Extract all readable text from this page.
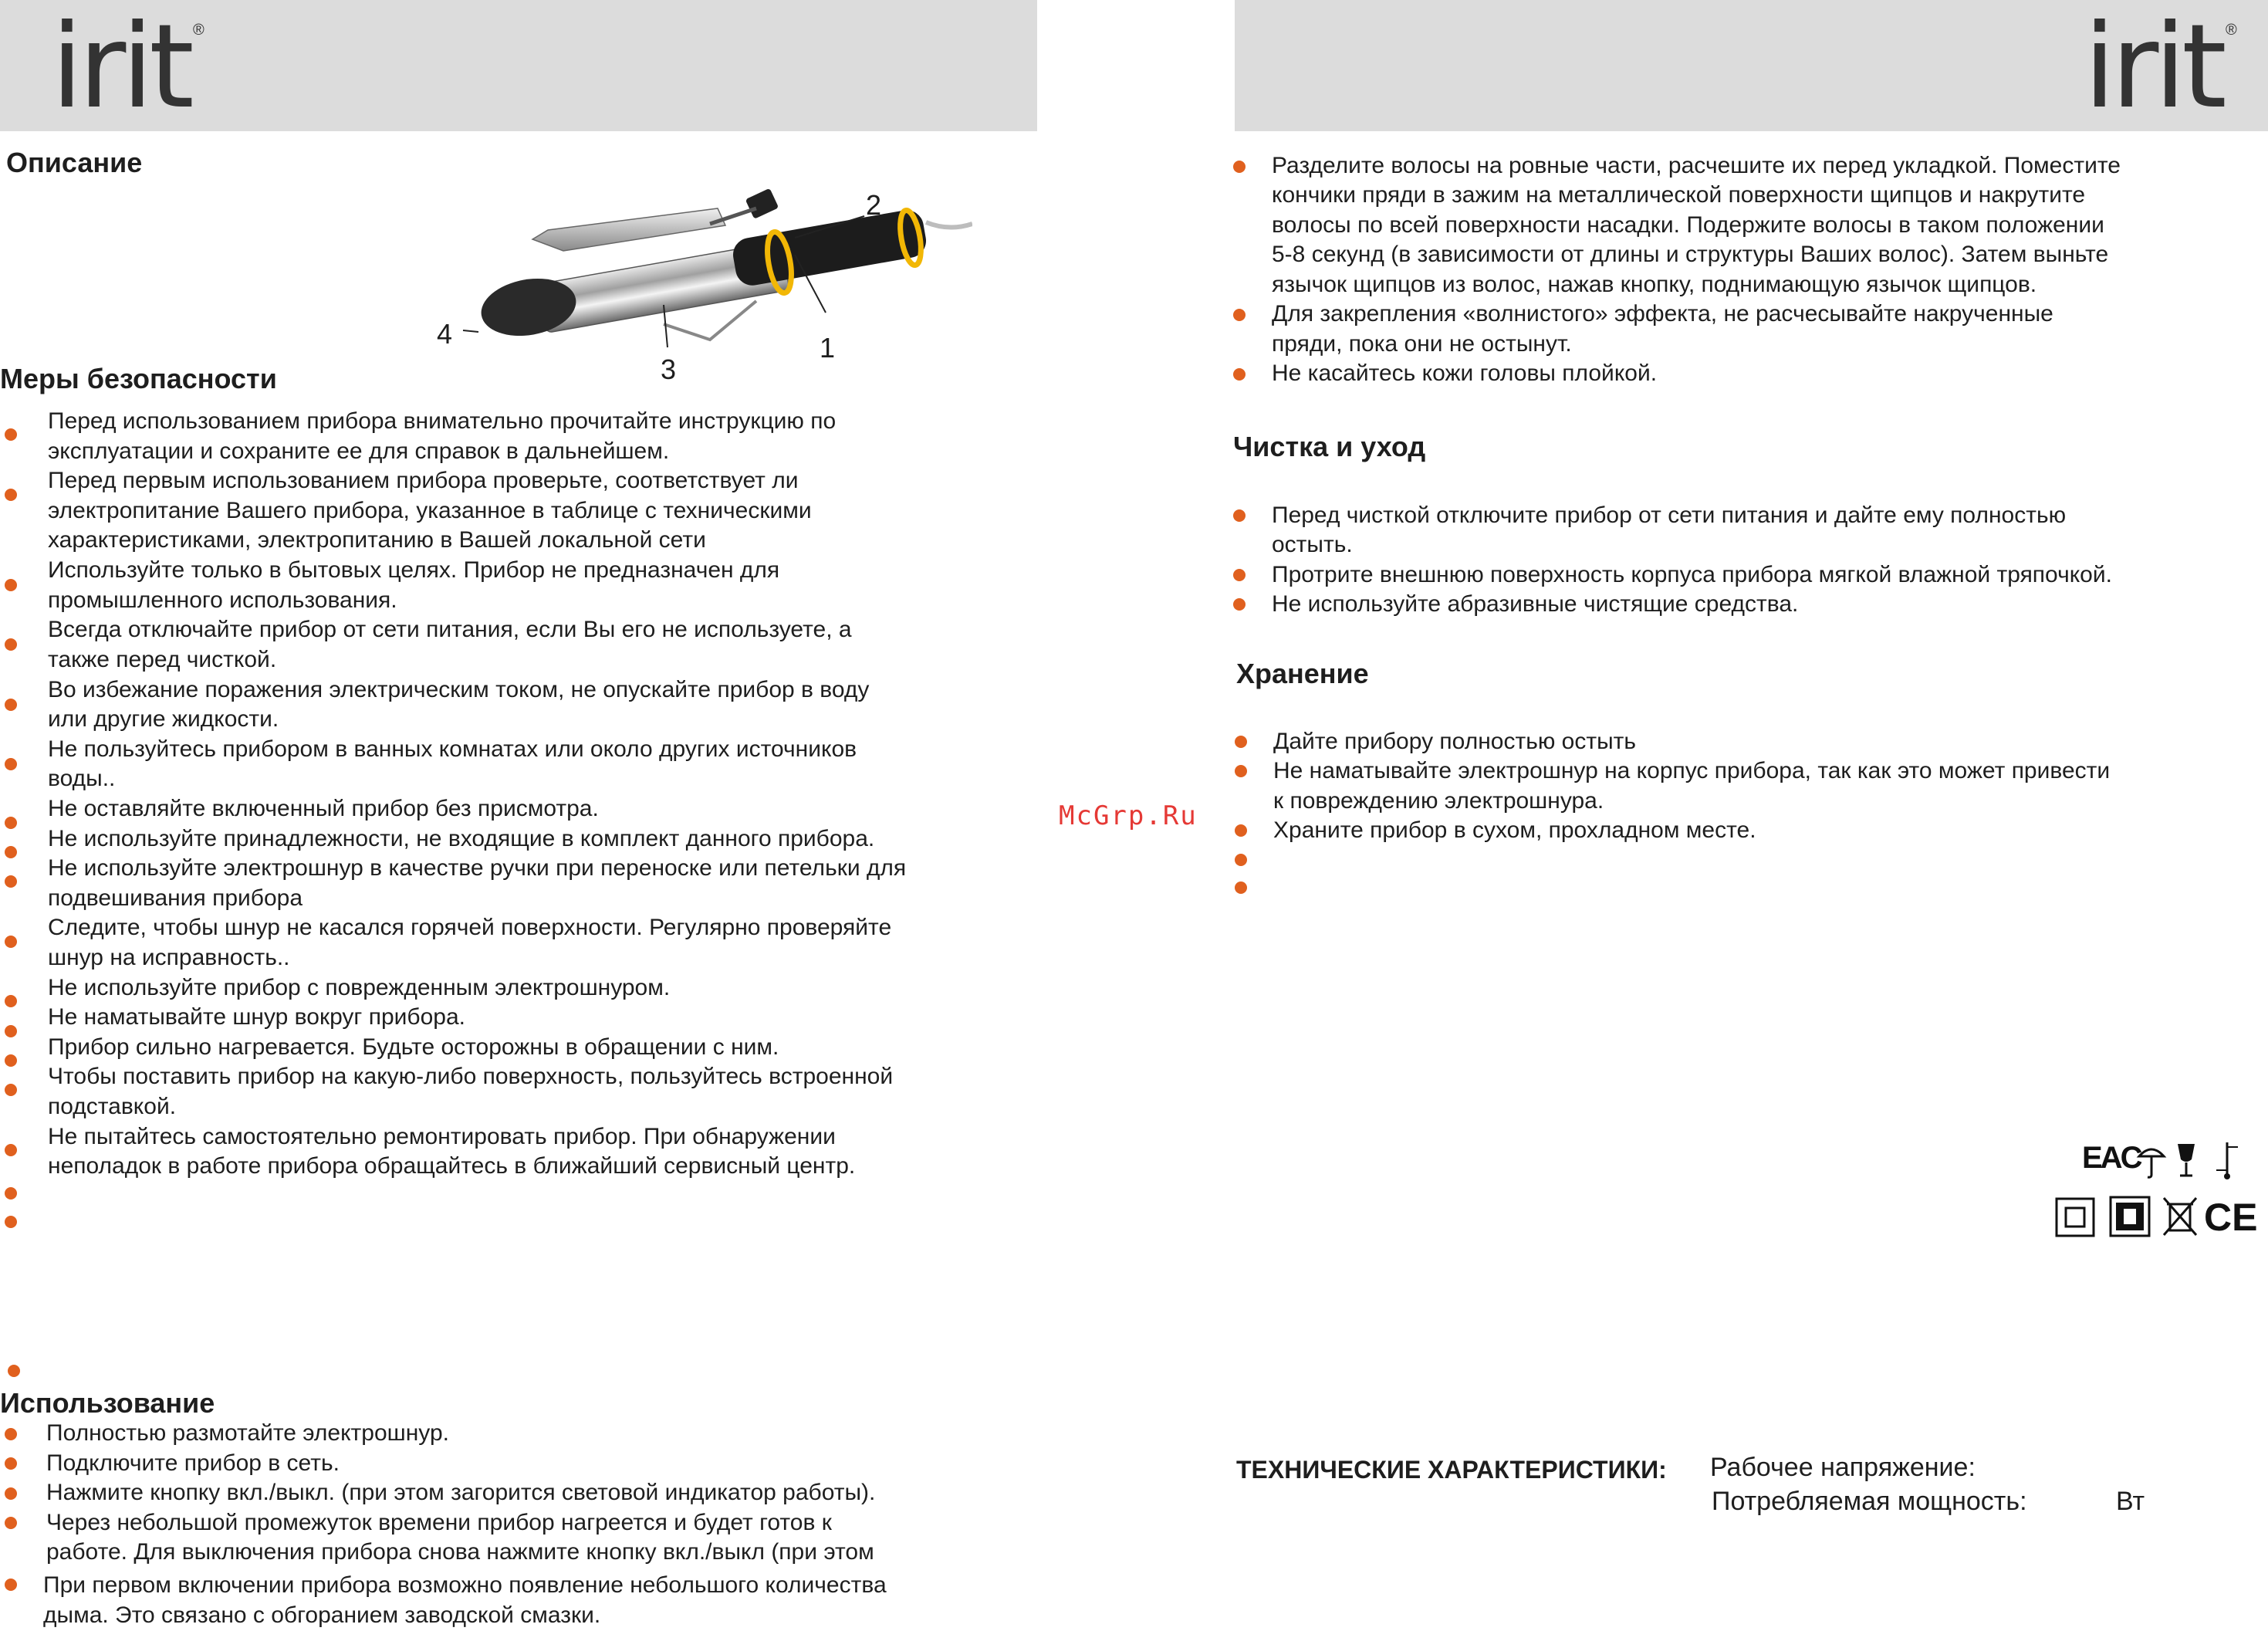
irit ®	irit ®
Описание
1
2
3
4
Меры безопасности
Перед использованием прибора внимательно прочитайте инструкцию по
эксплуатации и сохраните ее для справок в дальнейшем.
Перед первым использованием прибора проверьте, соответствует ли
электропитание Вашего прибора, указанное в таблице с техническими
характеристиками, электропитанию в Вашей локальной сети
Используйте только в бытовых целях. Прибор не предназначен для
промышленного использования.
Всегда отключайте прибор от сети питания, если Вы его не используете, а
также перед чисткой.
Во избежание поражения электрическим током, не опускайте прибор в воду
или другие жидкости.
Не пользуйтесь прибором в ванных комнатах или около других источников
воды..
Не оставляйте включенный прибор без присмотра.
Не используйте принадлежности, не входящие в комплект данного прибора.
Не используйте электрошнур в качестве ручки при переноске или петельки для
подвешивания прибора
Следите, чтобы шнур не касался горячей поверхности. Регулярно проверяйте
шнур на исправность..
Не используйте прибор с поврежденным электрошнуром.
Не наматывайте шнур вокруг прибора.
Прибор сильно нагревается. Будьте осторожны в обращении с ним.
Чтобы поставить прибор на какую-либо поверхность, пользуйтесь встроенной
подставкой.
Не пытайтесь самостоятельно ремонтировать прибор. При обнаружении
неполадок в работе прибора обращайтесь в ближайший сервисный центр.
Использование
Полностью размотайте электрошнур.
Подключите прибор в сеть.
Нажмите кнопку вкл./выкл. (при этом загорится световой индикатор работы).
Через небольшой промежуток времени прибор нагреется и будет готов к
работе. Для выключения прибора снова нажмите кнопку вкл./выкл (при этом
При первом включении прибора возможно появление небольшого количества
дыма. Это связано с обгоранием заводской смазки.
McGrp.Ru
Разделите волосы на ровные части, расчешите их перед укладкой. Поместите
кончики пряди в зажим на металлической поверхности щипцов и накрутите
волосы по всей поверхности насадки. Подержите волосы в таком положении
5-8 секунд (в зависимости от длины и структуры Ваших волос). Затем выньте
язычок щипцов из волос, нажав кнопку, поднимающую язычок щипцов.
Для закрепления «волнистого» эффекта, не расчесывайте накрученные
пряди, пока они не остынут.
Не касайтесь кожи головы плойкой.
Чистка и уход
Перед чисткой отключите прибор от сети питания и дайте ему полностью
остыть.
Протрите внешнюю поверхность корпуса прибора мягкой влажной тряпочкой.
Не используйте абразивные чистящие средства.
Хранение
Дайте прибору полностью остыть
Не наматывайте электрошнур на корпус прибора, так как это может привести
к повреждению электрошнура.
Храните прибор в сухом, прохладном месте.
EAC
CE
ТЕХНИЧЕСКИЕ ХАРАКТЕРИСТИКИ: Рабочее напряжение:
Потребляемая мощность:	Вт
